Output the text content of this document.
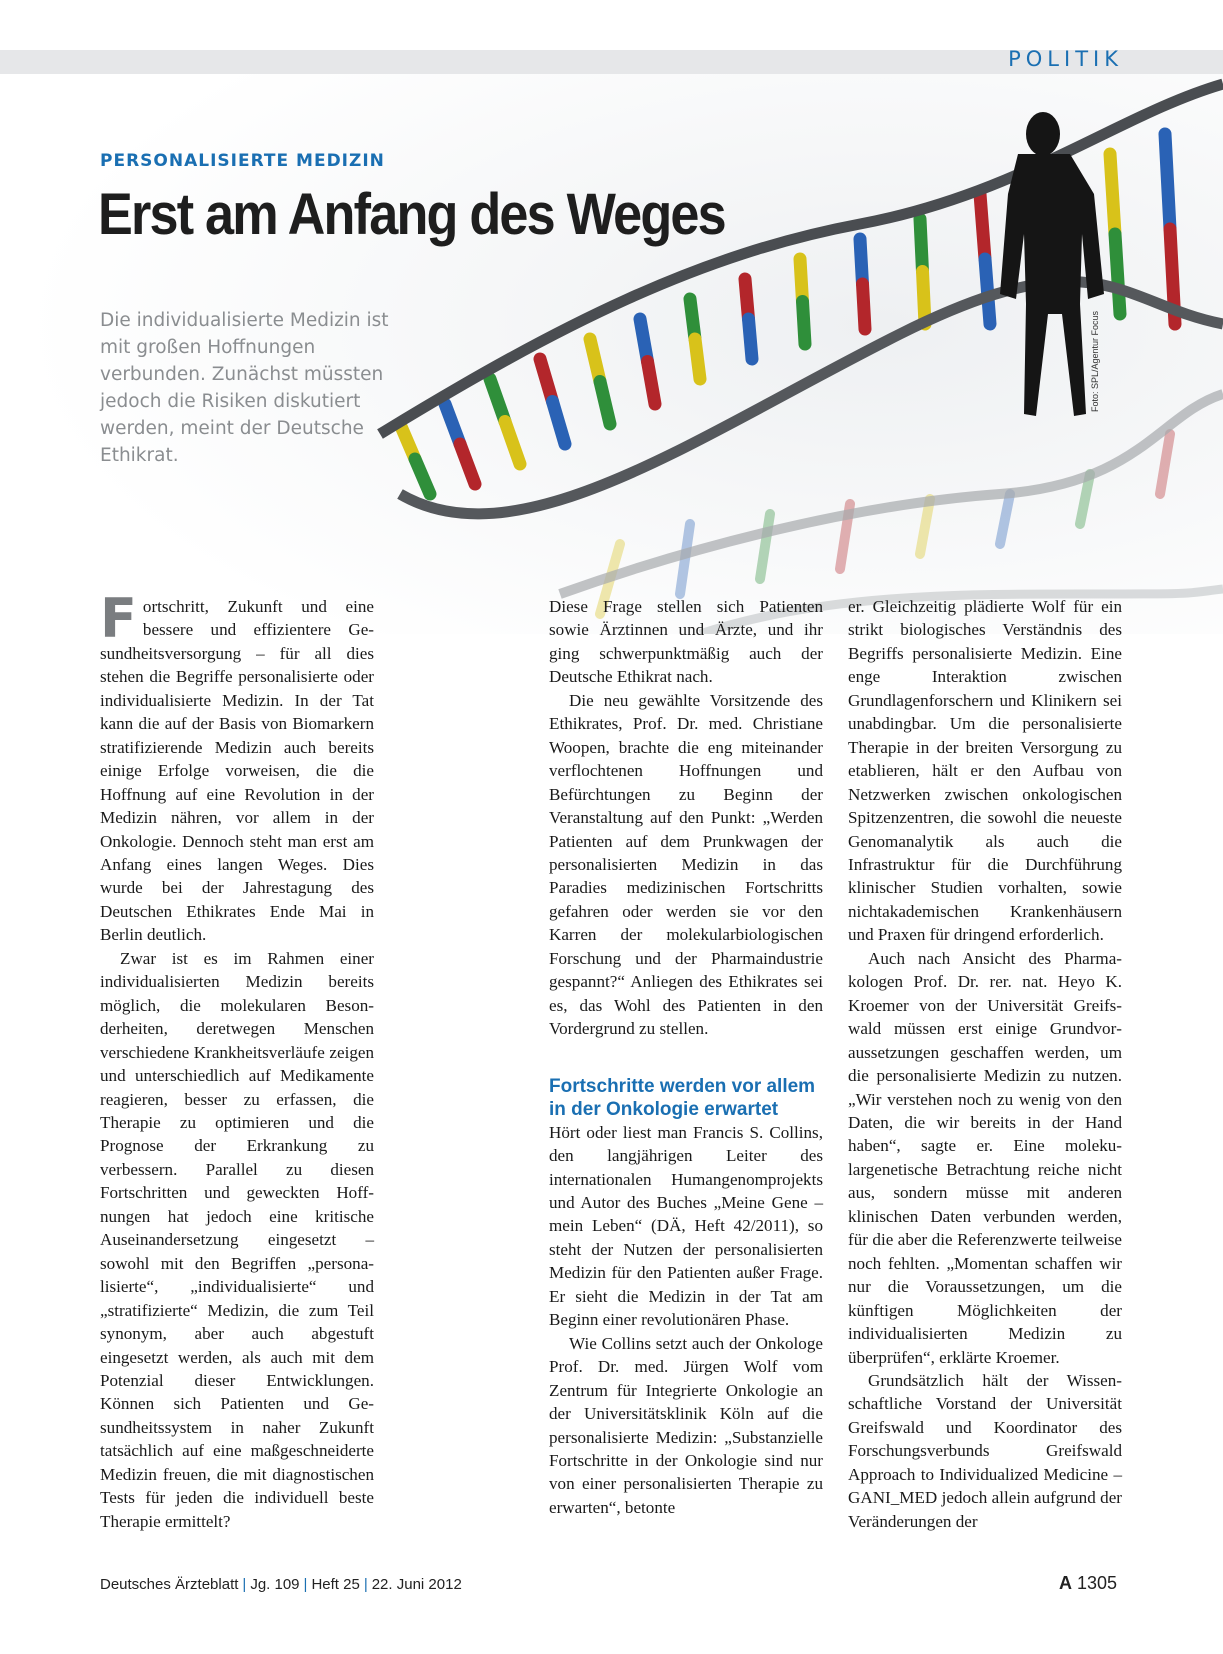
POLITIK
PERSONALISIERTE MEDIZIN
Erst am Anfang des Weges
Die individualisierte Medizin ist mit großen Hoffnungen verbunden. Zunächst müssten jedoch die Risiken diskutiert werden, meint der Deutsche Ethikrat.
Foto: SPL/Agentur Focus

Fortschritt, Zukunft und eine bessere und effizientere Gesundheitsversorgung – für all dies stehen die Begriffe personalisierte oder individualisierte Medizin. In der Tat kann die auf der Basis von Biomarkern stratifizierende Medizin auch bereits einige Erfolge vorweisen, die die Hoffnung auf eine Revolution in der Medizin nähren, vor allem in der Onkologie. Dennoch steht man erst am Anfang eines langen Weges. Dies wurde bei der Jahrestagung des Deutschen Ethikrates Ende Mai in Berlin deutlich.

Zwar ist es im Rahmen einer individualisierten Medizin bereits möglich, die molekularen Besonderheiten, deretwegen Menschen verschiedene Krankheitsverläufe zeigen und unterschiedlich auf Medikamente reagieren, besser zu erfassen, die Therapie zu optimieren und die Prognose der Erkrankung zu verbessern. Parallel zu diesen Fortschritten und geweckten Hoffnungen hat jedoch eine kritische Auseinandersetzung eingesetzt – sowohl mit den Begriffen „personalisierte“, „individualisierte“ und „stratifizierte“ Medizin, die zum Teil synonym, aber auch abgestuft eingesetzt werden, als auch mit dem Potenzial dieser Entwicklungen. Können sich Patienten und Gesundheitssystem in naher Zukunft tatsächlich auf eine maßgeschneiderte Medizin freuen, die mit diagnostischen Tests für jeden die individuell beste Therapie ermittelt?

Diese Frage stellen sich Patienten sowie Ärztinnen und Ärzte, und ihr ging schwerpunktmäßig auch der Deutsche Ethikrat nach.

Die neu gewählte Vorsitzende des Ethikrates, Prof. Dr. med. Christiane Woopen, brachte die eng miteinander verflochtenen Hoffnungen und Befürchtungen zu Beginn der Veranstaltung auf den Punkt: „Werden Patienten auf dem Prunkwagen der personalisierten Medizin in das Paradies medizinischen Fortschritts gefahren oder werden sie vor den Karren der molekularbiologischen Forschung und der Pharmaindustrie gespannt?“ Anliegen des Ethikrates sei es, das Wohl des Patienten in den Vordergrund zu stellen.

Fortschritte werden vor allem in der Onkologie erwartet

Hört oder liest man Francis S. Collins, den langjährigen Leiter des internationalen Humangenomprojekts und Autor des Buches „Meine Gene – mein Leben“ (DÄ, Heft 42/2011), so steht der Nutzen der personalisierten Medizin für den Patienten außer Frage. Er sieht die Medizin in der Tat am Beginn einer revolutionären Phase.

Wie Collins setzt auch der Onkologe Prof. Dr. med. Jürgen Wolf vom Zentrum für Integrierte Onkologie an der Universitätsklinik Köln auf die personalisierte Medizin: „Substanzielle Fortschritte in der Onkologie sind nur von einer personalisierten Therapie zu erwarten“, betonte

er. Gleichzeitig plädierte Wolf für ein strikt biologisches Verständnis des Begriffs personalisierte Medizin. Eine enge Interaktion zwischen Grundlagenforschern und Klinikern sei unabdingbar. Um die personalisierte Therapie in der breiten Versorgung zu etablieren, hält er den Aufbau von Netzwerken zwischen onkologischen Spitzenzentren, die sowohl die neueste Genomanalytik als auch die Infrastruktur für die Durchführung klinischer Studien vorhalten, sowie nichtakademischen Krankenhäusern und Praxen für dringend erforderlich.

Auch nach Ansicht des Pharmakologen Prof. Dr. rer. nat. Heyo K. Kroemer von der Universität Greifswald müssen erst einige Grundvoraussetzungen geschaffen werden, um die personalisierte Medizin zu nutzen. „Wir verstehen noch zu wenig von den Daten, die wir bereits in der Hand haben“, sagte er. Eine molekulargenetische Betrachtung reiche nicht aus, sondern müsse mit anderen klinischen Daten verbunden werden, für die aber die Referenzwerte teilweise noch fehlten. „Momentan schaffen wir nur die Voraussetzungen, um die künftigen Möglichkeiten der individualisierten Medizin zu überprüfen“, erklärte Kroemer.

Grundsätzlich hält der Wissenschaftliche Vorstand der Universität Greifswald und Koordinator des Forschungsverbunds Greifswald Approach to Individualized Medicine – GANI_MED jedoch allein aufgrund der Veränderungen der

Deutsches Ärzteblatt | Jg. 109 | Heft 25 | 22. Juni 2012	A 1305
